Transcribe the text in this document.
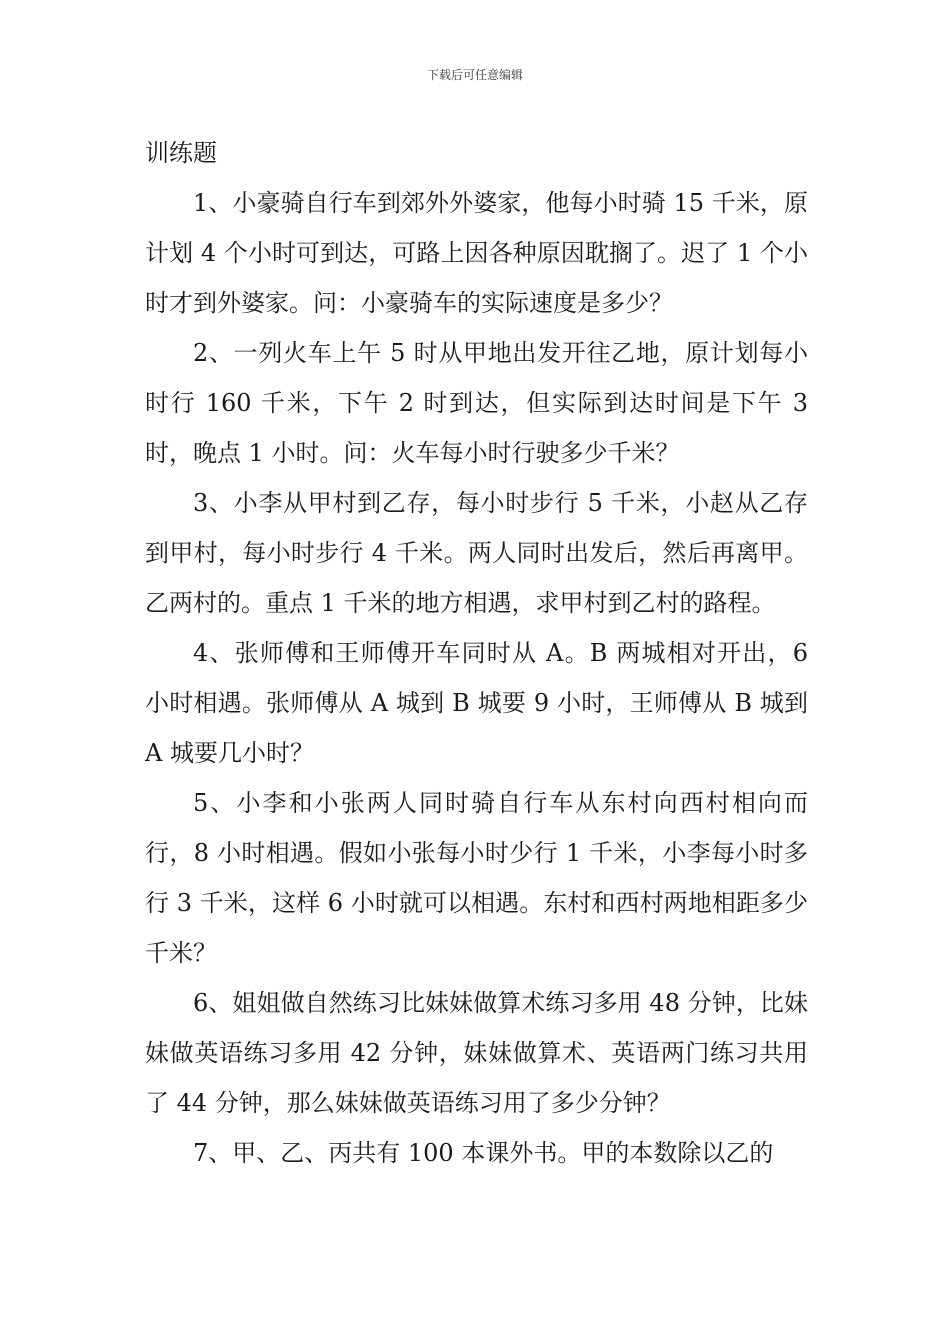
下载后可任意编辑

训练题

1、小豪骑自行车到郊外外婆家，他每小时骑 15 千米，原计划 4 个小时可到达，可路上因各种原因耽搁了。迟了 1 个小时才到外婆家。问：小豪骑车的实际速度是多少？

2、一列火车上午 5 时从甲地出发开往乙地，原计划每小时行 160 千米，下午 2 时到达，但实际到达时间是下午 3 时，晚点 1 小时。问：火车每小时行驶多少千米？

3、小李从甲村到乙存，每小时步行 5 千米，小赵从乙存到甲村，每小时步行 4 千米。两人同时出发后，然后再离甲。乙两村的。重点 1 千米的地方相遇，求甲村到乙村的路程。

4、张师傅和王师傅开车同时从 A。B 两城相对开出，6 小时相遇。张师傅从 A 城到 B 城要 9 小时，王师傅从 B 城到 A 城要几小时？

5、小李和小张两人同时骑自行车从东村向西村相向而行，8 小时相遇。假如小张每小时少行 1 千米，小李每小时多行 3 千米，这样 6 小时就可以相遇。东村和西村两地相距多少千米？

6、姐姐做自然练习比妹妹做算术练习多用 48 分钟，比妹妹做英语练习多用 42 分钟，妹妹做算术、英语两门练习共用了 44 分钟，那么妹妹做英语练习用了多少分钟？

7、甲、乙、丙共有 100 本课外书。甲的本数除以乙的
